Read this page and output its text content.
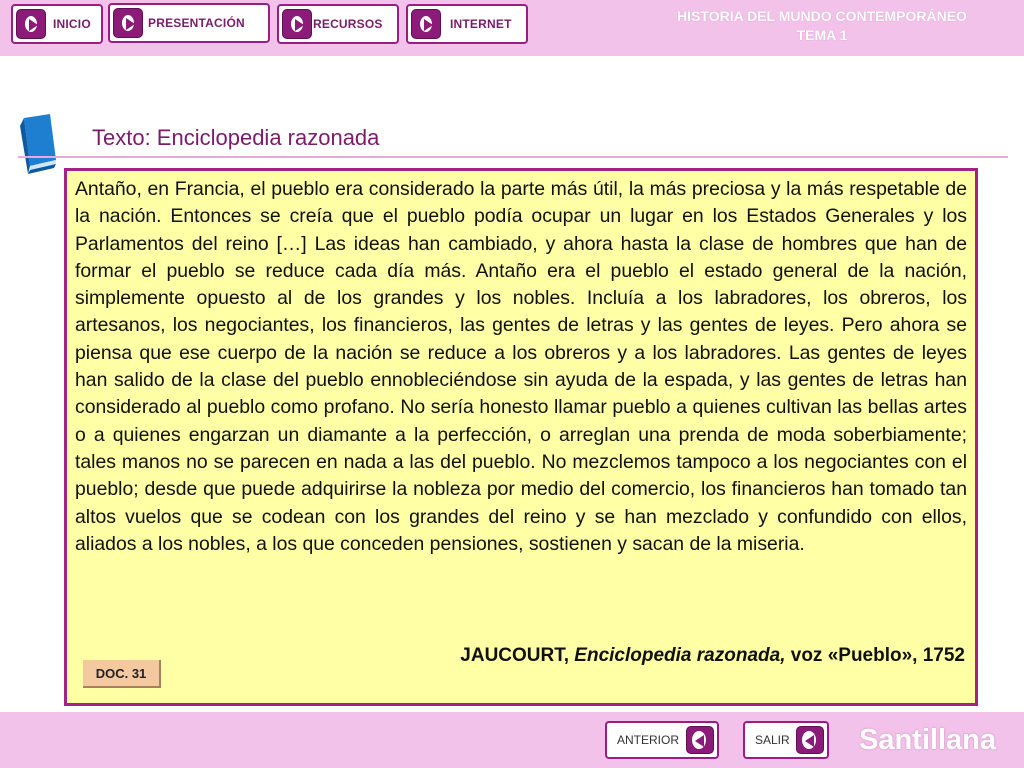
INICIO	PRESENTACIÓN	RECURSOS	INTERNET	HISTORIA DEL MUNDO CONTEMPORÁNEO
TEMA 1
Texto: Enciclopedia razonada

Antaño, en Francia, el pueblo era considerado la parte más útil, la más preciosa y la más respetable de la nación. Entonces se creía que el pueblo podía ocupar un lugar en los Estados Generales y los Parlamentos del reino […] Las ideas han cambiado, y ahora hasta la clase de hombres que han de formar el pueblo se reduce cada día más. Antaño era el pueblo el estado general de la nación, simplemente opuesto al de los grandes y los nobles. Incluía a los labradores, los obreros, los artesanos, los negociantes, los financieros, las gentes de letras y las gentes de leyes. Pero ahora se piensa que ese cuerpo de la nación se reduce a los obreros y a los labradores. Las gentes de leyes han salido de la clase del pueblo ennobleciéndose sin ayuda de la espada, y las gentes de letras han considerado al pueblo como profano. No sería honesto llamar pueblo a quienes cultivan las bellas artes o a quienes engarzan un diamante a la perfección, o arreglan una prenda de moda soberbiamente; tales manos no se parecen en nada a las del pueblo. No mezclemos tampoco a los negociantes con el pueblo; desde que puede adquirirse la nobleza por medio del comercio, los financieros han tomado tan altos vuelos que se codean con los grandes del reino y se han mezclado y confundido con ellos, aliados a los nobles, a los que conceden pensiones, sostienen y sacan de la miseria.

JAUCOURT, Enciclopedia razonada, voz «Pueblo», 1752
DOC. 31
ANTERIOR	SALIR Santillana
